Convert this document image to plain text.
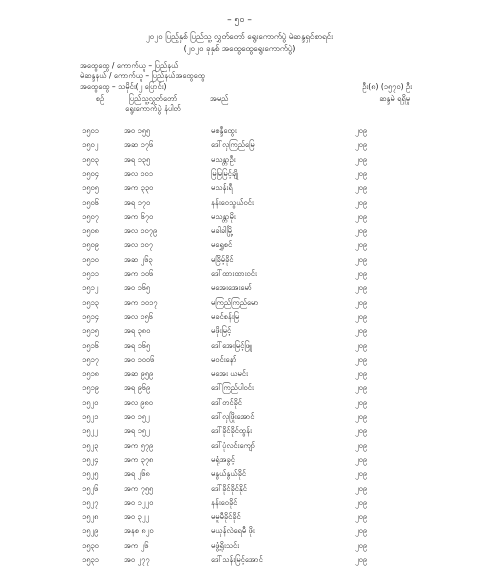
– ၅၀ –
၂၀၂၀ ပြည့်နှစ် ပြည်သူ့ လွှတ်တော် ရွေးကောက်ပွဲ မဲဆန္ဒရှင်စာရင်း
(၂၀၂၀ ခုနှစ် အထွေထွေရွေးကောက်ပွဲ)
အထွေထွေ / ကောက်ယူ – ပြည်နယ်
မဲဆန္ဒနယ် / ကောက်ယူ – ပြည်နယ်အထွေထွေ
အထွေထွေ – သမိုင်း(၂ ပြောင်း)	ဦး(၈) (၁၅၇၀) ဦး
စဉ်	ပြည်သူ့လွှတ်တော် ရွေးကောက်ပွဲ နံပါတ်
အမည်	ဆန္ဒမဲ ရရှိမှု
၁၅၀၁	အဝ ၁၅၅	မစန္ဒီထွေး	၂၀၉
၁၅၀၂	အဆ ၁၇၆	ဒေါ်လှကြည်မြေ	၂၀၉
၁၅၀၃	အရ ၁၃၅	မသန္တာဦး	၂၀၉
၁၅၀၄	အလ ၁၀၁	မြမြမြင့်ချို	၂၀၉
၁၅၀၅	အက ၃၃၀	မသန်းရီ	၂၀၉
၁၅၀၆	အရ ၁၇၀	နန်းဝေသွယ်ဝင်း	၂၀၉
၁၅၀၇	အက ၆၇၀	မသန္တာမိုး	၂၀၉
၁၅၀၈	အလ ၁၀၇၉	မခါခါမြို့	၂၀၉
၁၅၀၉	အလ ၁၀၇	မရွှေစင်	၂၀၉
၁၅၁၀	အဆ ၂၆၃	မခြိမ့်ခိုင်	၂၀၉
၁၅၁၁	အက ၁၀၆	ဒေါ်ထားထားဝင်း	၂၀၉
၁၅၁၂	အဝ ၁၆၅	မအေးအေးမော်	၂၀၉
၁၅၁၃	အက ၁၀၁၇	မကြည်ကြည်မော	၂၀၉
၁၅၁၄	အလ ၁၅၆	မခင်စန်းမြ	၂၀၉
၁၅၁၅	အရ ၃၈၀	မဖိုးမြင့်	၂၀၉
၁၅၁၆	အရ ၁၆၅	ဒေါ်အေးမြင့်ဖြူ	၂၀၉
၁၅၁၇	အဝ ၁၀၀၆	မဝင်းနော်	၂၀၉
၁၅၁၈	အဆ ၉၅၉	မအေး ယမင်း	၂၀၉
၁၅၁၉	အရ ၉၆၉	ဒေါ်ကြည်ပါဝင်း	၂၀၉
၁၅၂၀	အလ ၉၈၀	ဒေါ်တင်ခိုင်	၂၀၉
၁၅၂၁	အဝ ၁၅၂	ဒေါ်လှဖြိုးအောင်	၂၀၉
၁၅၂၂	အရ ၁၅၂	ဒေါ်ခိုင်ခိုင်ထွန်း	၂၀၉
၁၅၂၃	အက ၅၇၉	ဒေါ်ပုံလင်းကျော်	၂၀၉
၁၅၂၄	အက ၃၇၈	မရုံအခွင့်	၂၀၉
၁၅၂၅	အရ ၂၆၈	မနွယ်နွယ်ခိုင်	၂၀၉
၁၅၂၆	အက ၇၅၅	ဒေါ်ခိုင်ခိုင်နိုင်	၂၀၉
၁၅၂၇	အဝ ၁၂၂၀	နန်းဝေခိုင်	၂၀၉
၁၅၂၈	အဝ ၃၂၂	မမူမီခိုင်ခိုင်	၂၀၉
၁၅၂၉	အနစ ၈၂၀	မယုန်လဲရေမီ ဖိုး	၂၀၉
၁၅၃၀	အက ၂၆	မဖွံ့ရိုးသင်း	၂၀၉
၁၅၃၁	အဝ ၂၇၇	ဒေါ်သန်းမြင့်အောင်	၂၀၉
